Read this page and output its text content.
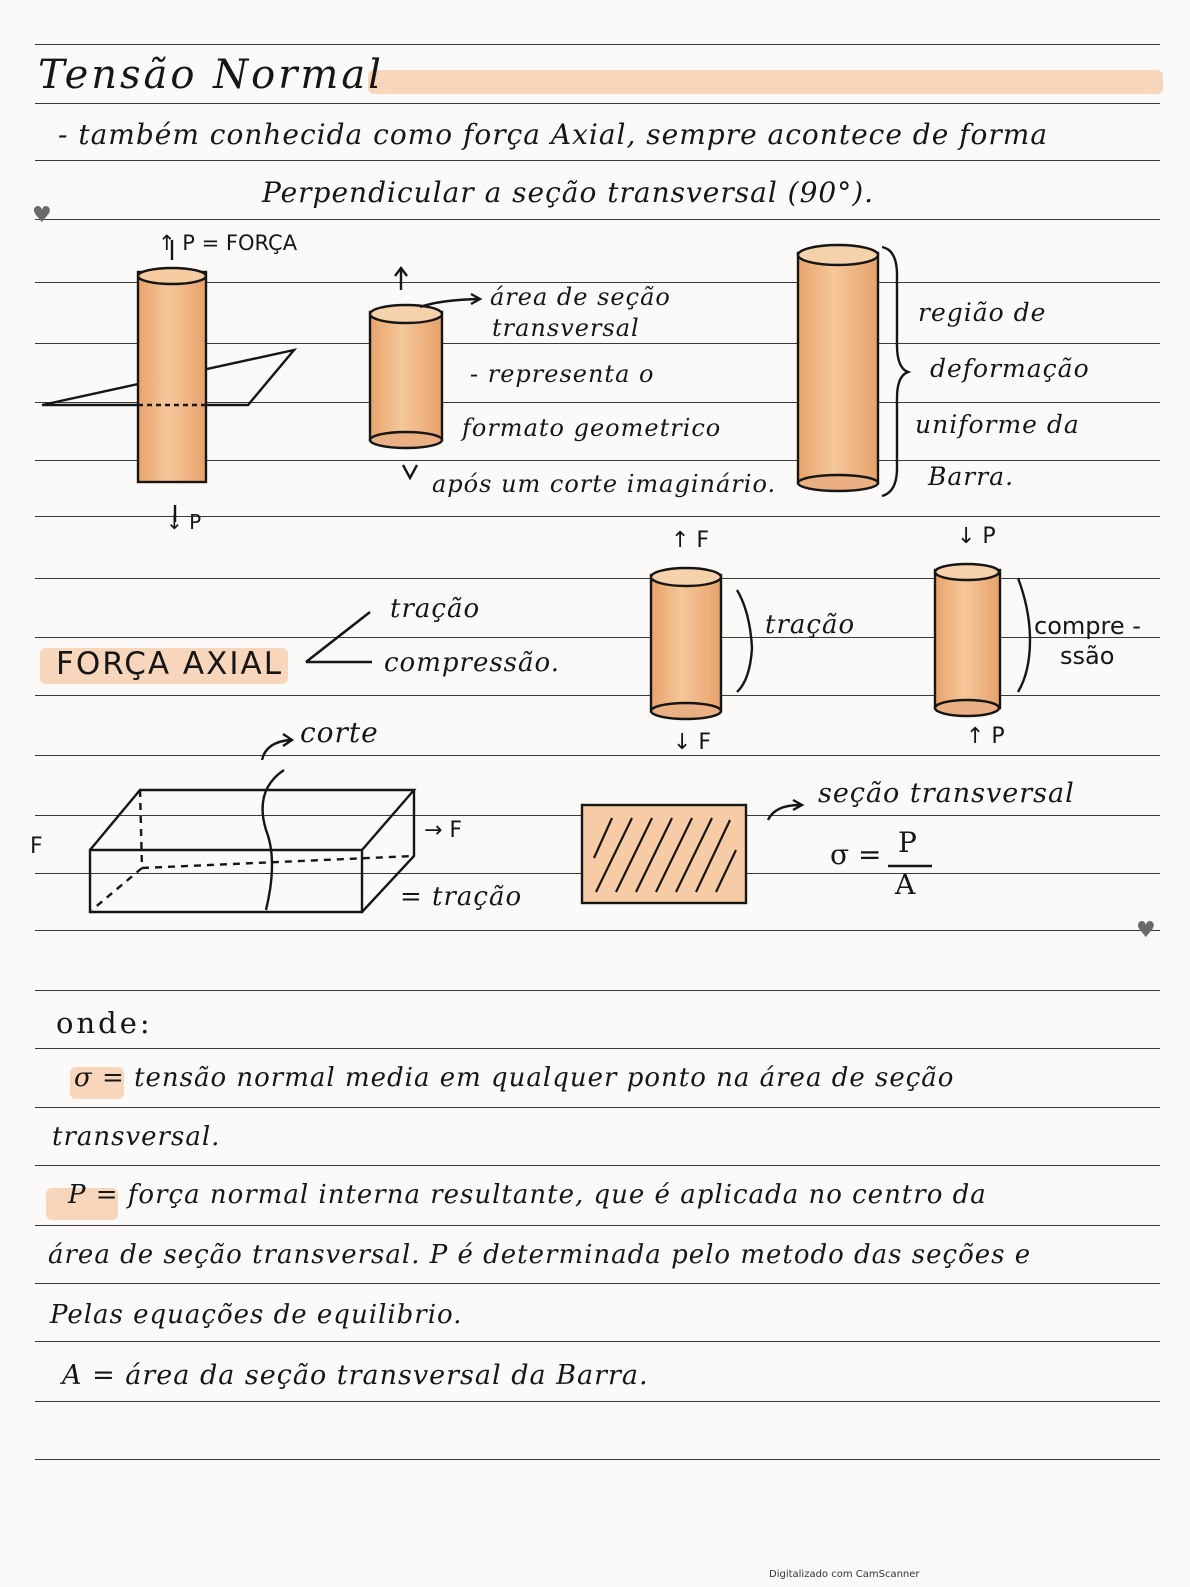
♥
♥
Tensão Normal
- também conhecida como força Axial, sempre acontece de forma
Perpendicular a seção transversal (90°).
↑ P = FORÇA
↓ P
área de seção
transversal
- representa o
formato geometrico
após um corte imaginário.
região de
deformação
uniforme da
Barra.
FORÇA AXIAL
tração
compressão.
↑ F
↓ F
tração
↓ P
↑ P
compre -
ssão
corte
F
→ F
= tração
seção transversal
σ = P
A
onde:
σ = tensão normal media em qualquer ponto na área de seção
transversal.
P = força normal interna resultante, que é aplicada no centro da
área de seção transversal. P é determinada pelo metodo das seções e
Pelas equações de equilibrio.
A = área da seção transversal da Barra.
Digitalizado com CamScanner
